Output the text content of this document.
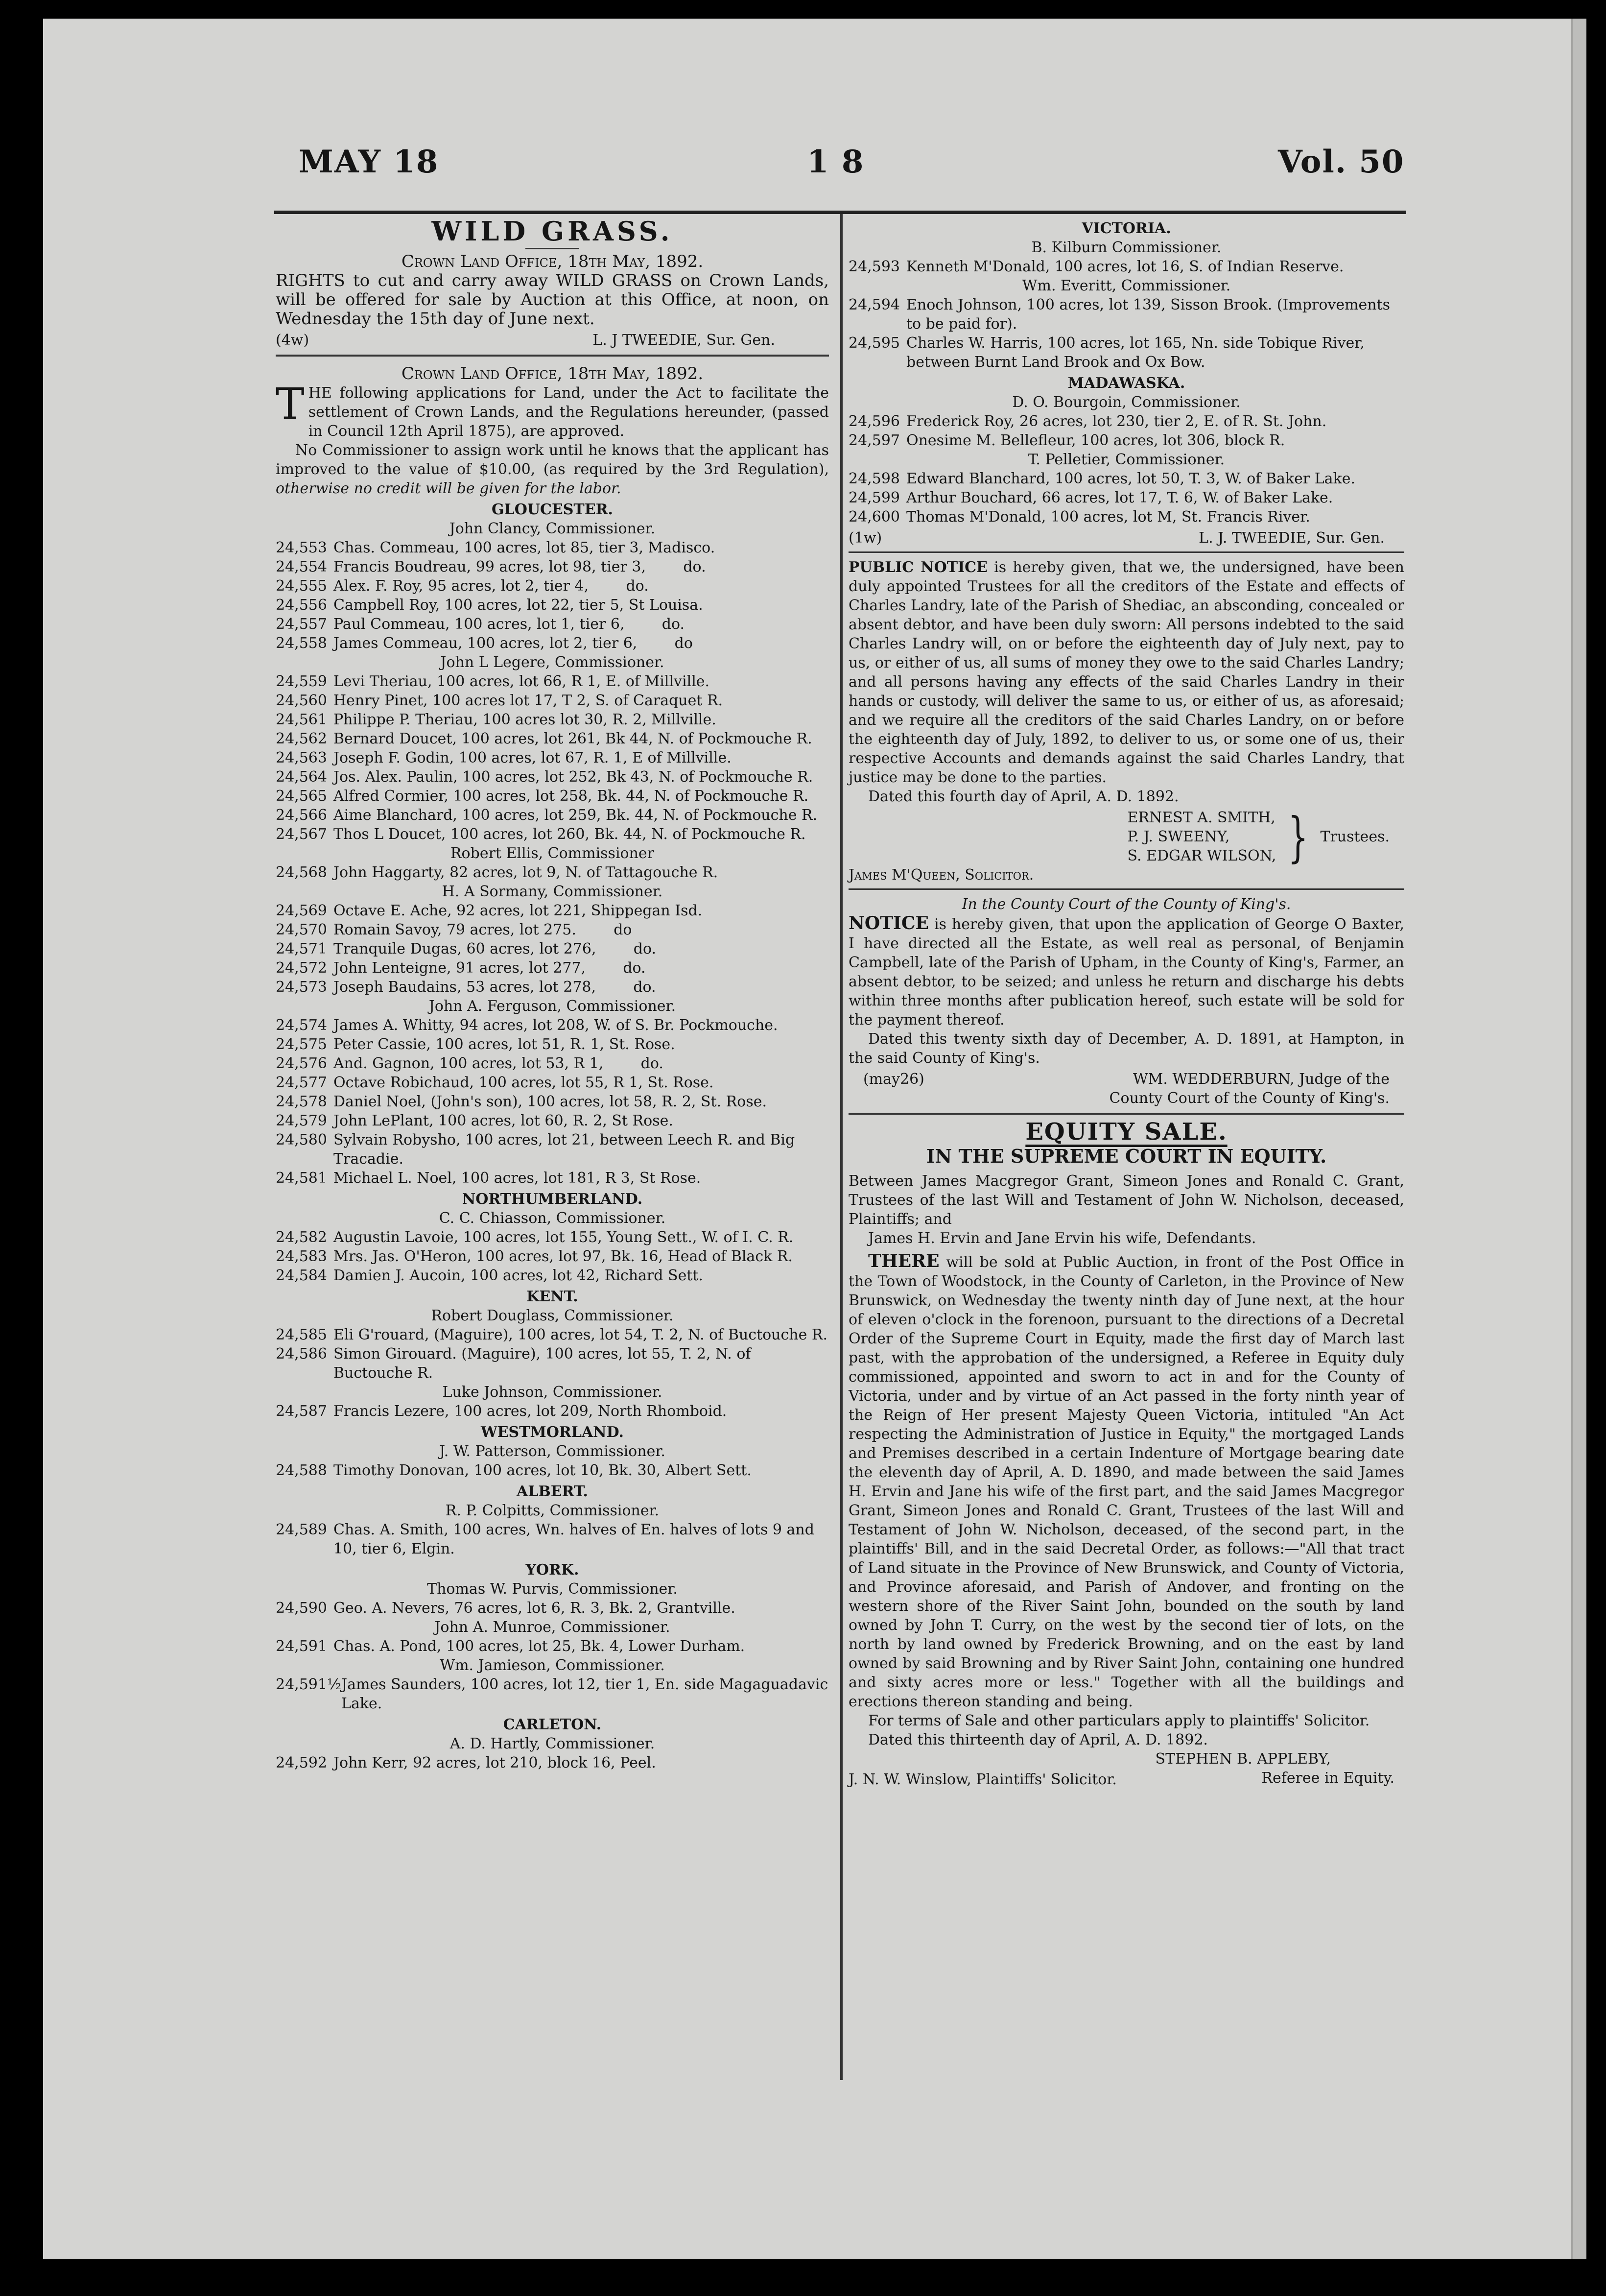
MAY 18	1 8	Vol. 50
WILD GRASS.
Crown Land Office, 18th May, 1892.
RIGHTS to cut and carry away WILD GRASS on Crown Lands, will be offered for sale by Auction at this Office, at noon, on Wednesday the 15th day of June next.
(4w)	L. J TWEEDIE, Sur. Gen.
Crown Land Office, 18th May, 1892.
THE following applications for Land, under the Act to facilitate the settlement of Crown Lands, and the Regulations hereunder, (passed in Council 12th April 1875), are approved.
No Commissioner to assign work until he knows that the applicant has improved to the value of $10.00, (as required by the 3rd Regulation), otherwise no credit will be given for the labor.
GLOUCESTER.
John Clancy, Commissioner.
24,553 Chas. Commeau, 100 acres, lot 85, tier 3, Madisco.
24,554 Francis Boudreau, 99 acres, lot 98, tier 3,        do.
24,555 Alex. F. Roy, 95 acres, lot 2, tier 4,        do.
24,556 Campbell Roy, 100 acres, lot 22, tier 5, St Louisa.
24,557 Paul Commeau, 100 acres, lot 1, tier 6,        do.
24,558 James Commeau, 100 acres, lot 2, tier 6,        do
John L Legere, Commissioner.
24,559 Levi Theriau, 100 acres, lot 66, R 1, E. of Millville.
24,560 Henry Pinet, 100 acres lot 17, T 2, S. of Caraquet R.
24,561 Philippe P. Theriau, 100 acres lot 30, R. 2, Millville.
24,562 Bernard Doucet, 100 acres, lot 261, Bk 44, N. of Pockmouche R.
24,563 Joseph F. Godin, 100 acres, lot 67, R. 1, E of Millville.
24,564 Jos. Alex. Paulin, 100 acres, lot 252, Bk 43, N. of Pockmouche R.
24,565 Alfred Cormier, 100 acres, lot 258, Bk. 44, N. of Pockmouche R.
24,566 Aime Blanchard, 100 acres, lot 259, Bk. 44, N. of Pockmouche R.
24,567 Thos L Doucet, 100 acres, lot 260, Bk. 44, N. of Pockmouche R.
Robert Ellis, Commissioner
24,568 John Haggarty, 82 acres, lot 9, N. of Tattagouche R.
H. A Sormany, Commissioner.
24,569 Octave E. Ache, 92 acres, lot 221, Shippegan Isd.
24,570 Romain Savoy, 79 acres, lot 275.        do
24,571 Tranquile Dugas, 60 acres, lot 276,        do.
24,572 John Lenteigne, 91 acres, lot 277,        do.
24,573 Joseph Baudains, 53 acres, lot 278,        do.
John A. Ferguson, Commissioner.
24,574 James A. Whitty, 94 acres, lot 208, W. of S. Br. Pockmouche.
24,575 Peter Cassie, 100 acres, lot 51, R. 1, St. Rose.
24,576 And. Gagnon, 100 acres, lot 53, R 1,        do.
24,577 Octave Robichaud, 100 acres, lot 55, R 1, St. Rose.
24,578 Daniel Noel, (John's son), 100 acres, lot 58, R. 2, St. Rose.
24,579 John LePlant, 100 acres, lot 60, R. 2, St Rose.
24,580 Sylvain Robysho, 100 acres, lot 21, between Leech R. and Big Tracadie.
24,581 Michael L. Noel, 100 acres, lot 181, R 3, St Rose.
NORTHUMBERLAND.
C. C. Chiasson, Commissioner.
24,582 Augustin Lavoie, 100 acres, lot 155, Young Sett., W. of I. C. R.
24,583 Mrs. Jas. O'Heron, 100 acres, lot 97, Bk. 16, Head of Black R.
24,584 Damien J. Aucoin, 100 acres, lot 42, Richard Sett.
KENT.
Robert Douglass, Commissioner.
24,585 Eli G'rouard, (Maguire), 100 acres, lot 54, T. 2, N. of Buctouche R.
24,586 Simon Girouard. (Maguire), 100 acres, lot 55, T. 2, N. of Buctouche R.
Luke Johnson, Commissioner.
24,587 Francis Lezere, 100 acres, lot 209, North Rhomboid.
WESTMORLAND.
J. W. Patterson, Commissioner.
24,588 Timothy Donovan, 100 acres, lot 10, Bk. 30, Albert Sett.
ALBERT.
R. P. Colpitts, Commissioner.
24,589 Chas. A. Smith, 100 acres, Wn. halves of En. halves of lots 9 and 10, tier 6, Elgin.
YORK.
Thomas W. Purvis, Commissioner.
24,590 Geo. A. Nevers, 76 acres, lot 6, R. 3, Bk. 2, Grantville.
John A. Munroe, Commissioner.
24,591 Chas. A. Pond, 100 acres, lot 25, Bk. 4, Lower Durham.
Wm. Jamieson, Commissioner.
24,591½ James Saunders, 100 acres, lot 12, tier 1, En. side Magaguadavic Lake.
CARLETON.
A. D. Hartly, Commissioner.
24,592 John Kerr, 92 acres, lot 210, block 16, Peel.
VICTORIA.
B. Kilburn Commissioner.
24,593 Kenneth M'Donald, 100 acres, lot 16, S. of Indian Reserve.
Wm. Everitt, Commissioner.
24,594 Enoch Johnson, 100 acres, lot 139, Sisson Brook. (Improvements to be paid for).
24,595 Charles W. Harris, 100 acres, lot 165, Nn. side Tobique River, between Burnt Land Brook and Ox Bow.
MADAWASKA.
D. O. Bourgoin, Commissioner.
24,596 Frederick Roy, 26 acres, lot 230, tier 2, E. of R. St. John.
24,597 Onesime M. Bellefleur, 100 acres, lot 306, block R.
T. Pelletier, Commissioner.
24,598 Edward Blanchard, 100 acres, lot 50, T. 3, W. of Baker Lake.
24,599 Arthur Bouchard, 66 acres, lot 17, T. 6, W. of Baker Lake.
24,600 Thomas M'Donald, 100 acres, lot M, St. Francis River.
(1w)	L. J. TWEEDIE, Sur. Gen.
PUBLIC NOTICE is hereby given, that we, the undersigned, have been duly appointed Trustees for all the creditors of the Estate and effects of Charles Landry, late of the Parish of Shediac, an absconding, concealed or absent debtor, and have been duly sworn: All persons indebted to the said Charles Landry will, on or before the eighteenth day of July next, pay to us, or either of us, all sums of money they owe to the said Charles Landry; and all persons having any effects of the said Charles Landry in their hands or custody, will deliver the same to us, or either of us, as aforesaid; and we require all the creditors of the said Charles Landry, on or before the eighteenth day of July, 1892, to deliver to us, or some one of us, their respective Accounts and demands against the said Charles Landry, that justice may be done to the parties.
Dated this fourth day of April, A. D. 1892.
ERNEST A. SMITH,
P. J. SWEENY,
S. EDGAR WILSON, } Trustees.
James M'Queen, Solicitor.
In the County Court of the County of King's.
NOTICE is hereby given, that upon the application of George O Baxter, I have directed all the Estate, as well real as personal, of Benjamin Campbell, late of the Parish of Upham, in the County of King's, Farmer, an absent debtor, to be seized; and unless he return and discharge his debts within three months after publication hereof, such estate will be sold for the payment thereof.
Dated this twenty sixth day of December, A. D. 1891, at Hampton, in the said County of King's.
(may26)	WM. WEDDERBURN, Judge of the
County Court of the County of King's.
EQUITY SALE.
IN THE SUPREME COURT IN EQUITY.
Between James Macgregor Grant, Simeon Jones and Ronald C. Grant, Trustees of the last Will and Testament of John W. Nicholson, deceased, Plaintiffs; and
James H. Ervin and Jane Ervin his wife, Defendants.
THERE will be sold at Public Auction, in front of the Post Office in the Town of Woodstock, in the County of Carleton, in the Province of New Brunswick, on Wednesday the twenty ninth day of June next, at the hour of eleven o'clock in the forenoon, pursuant to the directions of a Decretal Order of the Supreme Court in Equity, made the first day of March last past, with the approbation of the undersigned, a Referee in Equity duly commissioned, appointed and sworn to act in and for the County of Victoria, under and by virtue of an Act passed in the forty ninth year of the Reign of Her present Majesty Queen Victoria, intituled "An Act respecting the Administration of Justice in Equity," the mortgaged Lands and Premises described in a certain Indenture of Mortgage bearing date the eleventh day of April, A. D. 1890, and made between the said James H. Ervin and Jane his wife of the first part, and the said James Macgregor Grant, Simeon Jones and Ronald C. Grant, Trustees of the last Will and Testament of John W. Nicholson, deceased, of the second part, in the plaintiffs' Bill, and in the said Decretal Order, as follows:—"All that tract of Land situate in the Province of New Brunswick, and County of Victoria, and Province aforesaid, and Parish of Andover, and fronting on the western shore of the River Saint John, bounded on the south by land owned by John T. Curry, on the west by the second tier of lots, on the north by land owned by Frederick Browning, and on the east by land owned by said Browning and by River Saint John, containing one hundred and sixty acres more or less." Together with all the buildings and erections thereon standing and being.
For terms of Sale and other particulars apply to plaintiffs' Solicitor.
Dated this thirteenth day of April, A. D. 1892.
STEPHEN B. APPLEBY,
Referee in Equity.
J. N. W. Winslow, Plaintiffs' Solicitor.
